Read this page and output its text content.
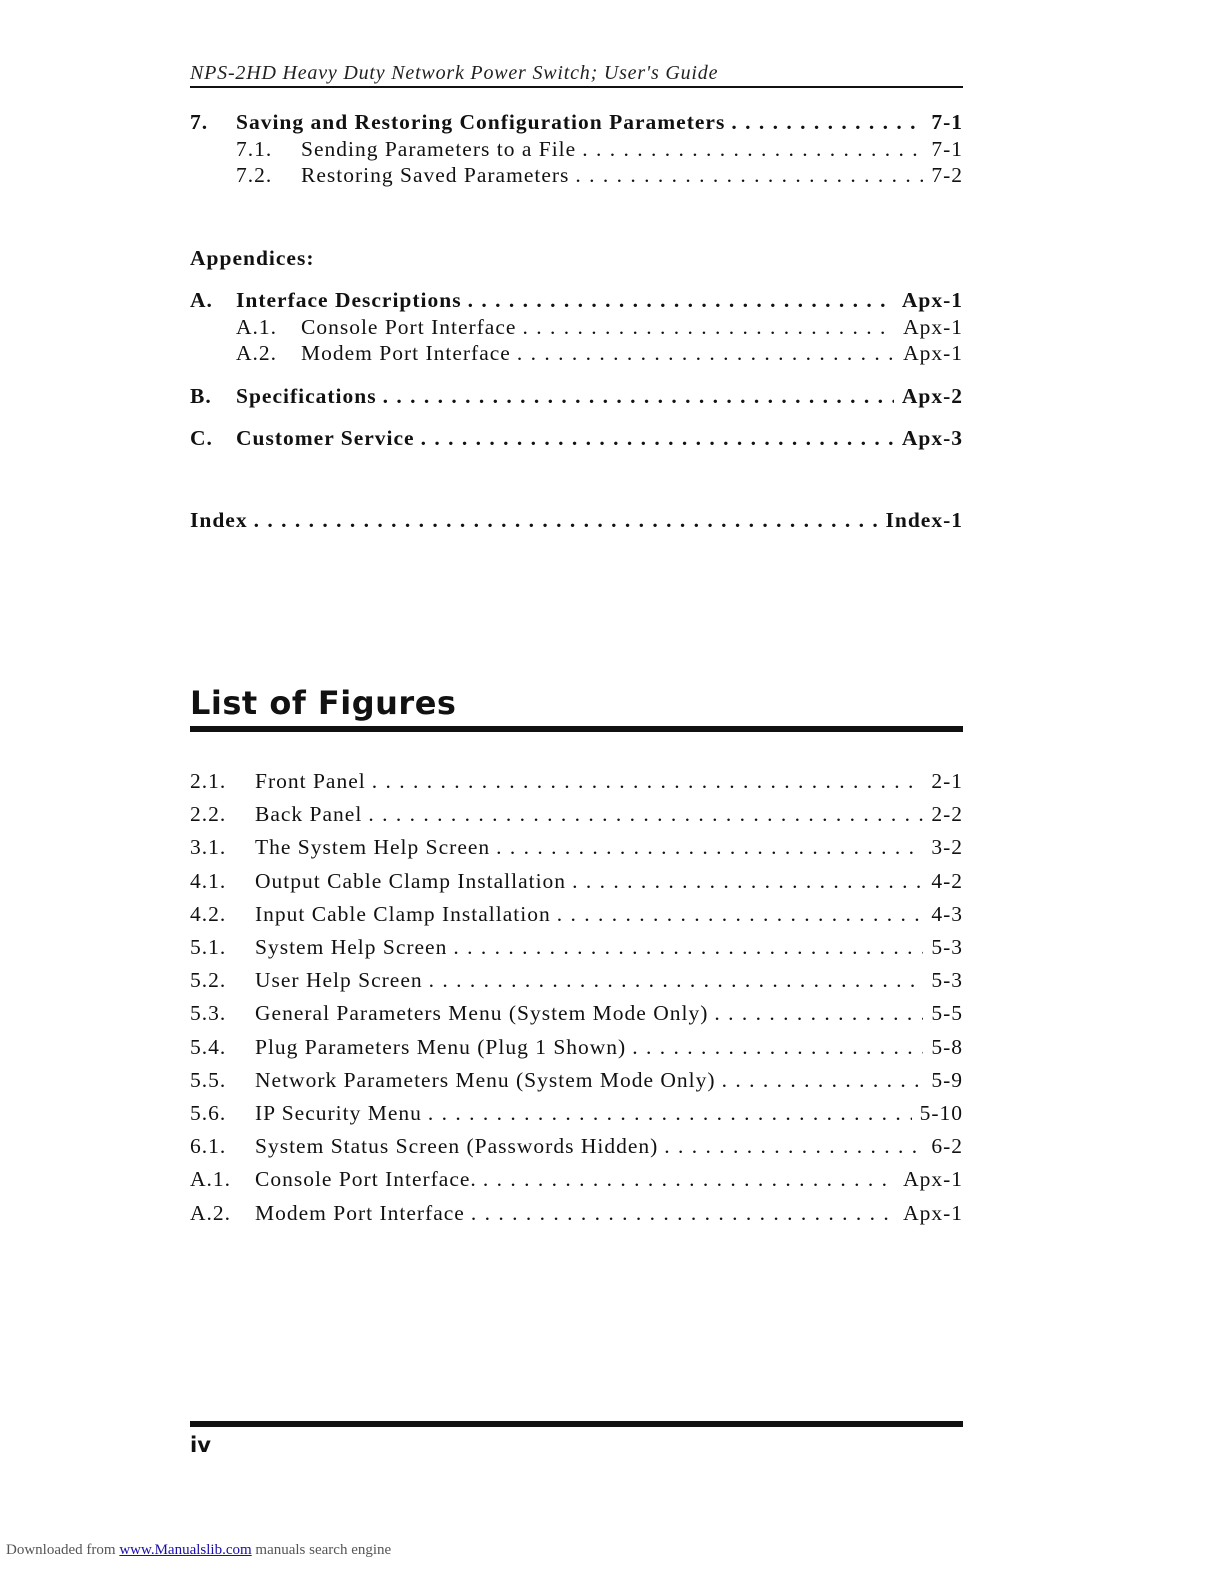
NPS-2HD Heavy Duty Network Power Switch; User's Guide
7.	Saving and Restoring Configuration Parameters . . .	7-1
7.1.	Sending Parameters to a File . . .	7-1
7.2.	Restoring Saved Parameters . . .	7-2
Appendices:
A.	Interface Descriptions . . .	Apx-1
A.1.	Console Port Interface . . .	Apx-1
A.2.	Modem Port Interface . . .	Apx-1
B.	Specifications . . .	Apx-2
C.	Customer Service . . .	Apx-3
Index . . .	Index-1
List of Figures
2.1.	Front Panel . . .	2-1
2.2.	Back Panel . . .	2-2
3.1.	The System Help Screen . . .	3-2
4.1.	Output Cable Clamp Installation . . .	4-2
4.2.	Input Cable Clamp Installation . . .	4-3
5.1.	System Help Screen . . .	5-3
5.2.	User Help Screen . . .	5-3
5.3.	General Parameters Menu (System Mode Only) . . .	5-5
5.4.	Plug Parameters Menu (Plug 1 Shown) . . .	5-8
5.5.	Network Parameters Menu (System Mode Only) . . .	5-9
5.6.	IP Security Menu . . .	5-10
6.1.	System Status Screen (Passwords Hidden) . . .	6-2
A.1.	Console Port Interface. . . .	Apx-1
A.2.	Modem Port Interface . . .	Apx-1
iv
Downloaded from www.Manualslib.com manuals search engine
